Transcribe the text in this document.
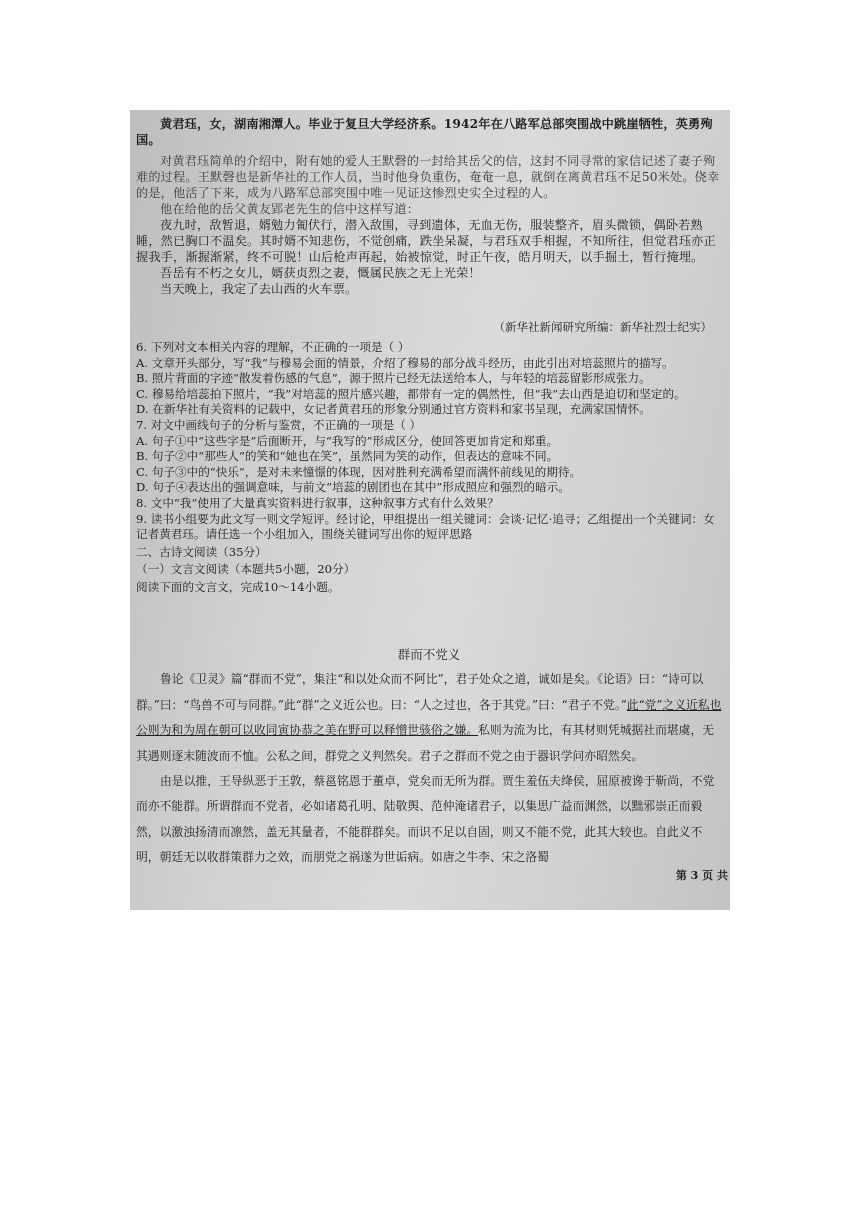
黄君珏，女，湖南湘潭人。毕业于复旦大学经济系。1942年在八路军总部突围战中跳崖牺牲，英勇殉国。

对黄君珏简单的介绍中，附有她的爱人王默磬的一封给其岳父的信，这封不同寻常的家信记述了妻子殉难的过程。王默磬也是新华社的工作人员，当时他身负重伤，奄奄一息，就倒在离黄君珏不足50米处。侥幸的是，他活了下来，成为八路军总部突围中唯一见证这惨烈史实全过程的人。

他在给他的岳父黄友郢老先生的信中这样写道：

夜九时，敌暂退，婿勉力匍伏行，潜入敌围，寻到遗体，无血无伤，服装整齐，眉头微锁，偶卧若熟睡，然已胸口不温矣。其时婿不知悲伤，不觉创痛，跌坐呆凝，与君珏双手相握，不知所往，但觉君珏亦正握我手，渐握渐紧，终不可脱！山后枪声再起，始被惊觉，时正午夜，皓月明天，以手掘土，暂行掩埋。

吾岳有不朽之女儿，婿获贞烈之妻，慨属民族之无上光荣！

当天晚上，我定了去山西的火车票。

（新华社新闻研究所编：新华社烈士纪实）

6. 下列对文本相关内容的理解，不正确的一项是（ ）

A. 文章开头部分，写“我”与穆易会面的情景，介绍了穆易的部分战斗经历，由此引出对培蕊照片的描写。

B. 照片背面的字迹“散发着伤感的气息”，源于照片已经无法送给本人，与年轻的培蕊留影形成张力。

C. 穆易给培蕊拍下照片，“我”对培蕊的照片感兴趣，都带有一定的偶然性，但“我”去山西是迫切和坚定的。

D. 在新华社有关资料的记载中，女记者黄君珏的形象分别通过官方资料和家书呈现，充满家国情怀。

7. 对文中画线句子的分析与鉴赏，不正确的一项是（ ）

A. 句子①中“这些字是”后面断开，与“我写的”形成区分，使回答更加肯定和郑重。

B. 句子②中“那些人”的笑和“她也在笑”，虽然同为笑的动作，但表达的意味不同。

C. 句子③中的“快乐”，是对未来憧憬的体现，因对胜利充满希望而满怀前线见的期待。

D. 句子④表达出的强调意味，与前文“培蕊的剧团也在其中”形成照应和强烈的暗示。

8. 文中“我”使用了大量真实资料进行叙事，这种叙事方式有什么效果？

9. 读书小组要为此文写一则文学短评。经讨论，甲组提出一组关键词：会谈·记忆·追寻；乙组提出一个关键词：女记者黄君珏。请任选一个小组加入，围绕关键词写出你的短评思路

二、古诗文阅读（35分）

（一）文言文阅读（本题共5小题，20分）

阅读下面的文言文，完成10～14小题。

群而不党义

鲁论《卫灵》篇“群而不党”，集注“和以处众而不阿比”，君子处众之道，诚如是矣。《论语》曰：“诗可以群。”曰：“鸟兽不可与同群。”此“群”之义近公也。曰：“人之过也，各于其党。”曰：“君子不党。”此“党”之义近私也公则为和为周在朝可以收同寅协恭之美在野可以释憎世骇俗之嫌。私则为流为比，有其材则凭城据社而堪虞，无其遇则逐末随波而不恤。公私之间，群党之义判然矣。君子之群而不党之由于器识学问亦昭然矣。

由是以推，王导纵恶于王敦，蔡邕铭恩于董卓，党矣而无所为群。贾生羞伍夫绛侯，屈原被谗于靳尚，不党而亦不能群。所谓群而不党者，必如诸葛孔明、陆敬舆、范仲淹诸君子，以集思广益而渊然，以黜邪崇正而毅然，以激浊扬清而凛然，盖无其量者，不能群群矣。而识不足以自固，则又不能不党，此其大较也。自此义不明，朝廷无以收群策群力之效，而朋党之祸遂为世诟病。如唐之牛李、宋之洛蜀

第 3 页 共
